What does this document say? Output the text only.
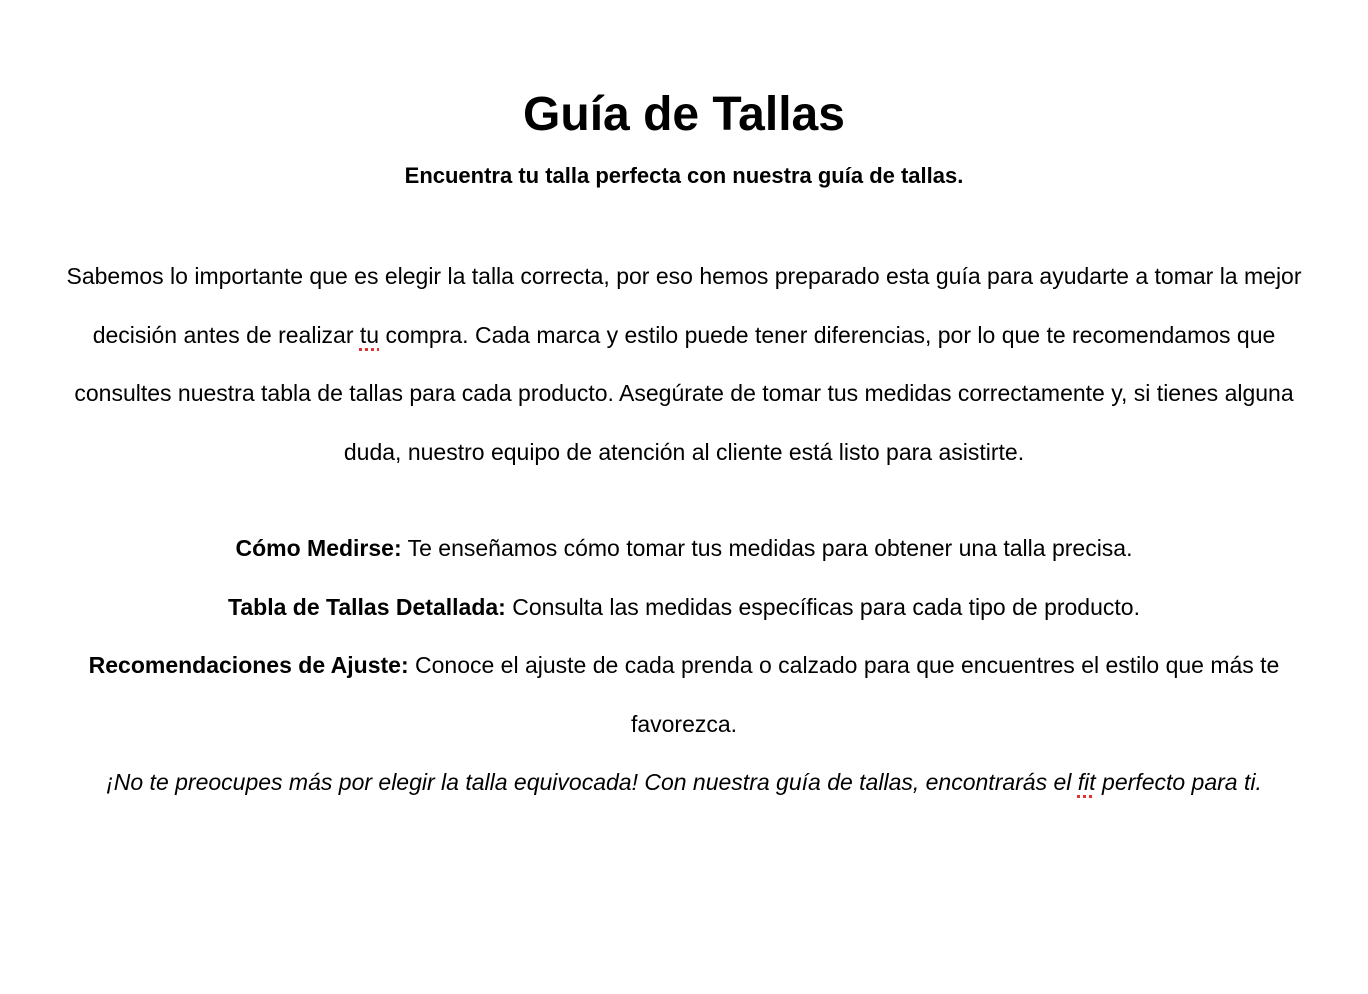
Guía de Tallas

Encuentra tu talla perfecta con nuestra guía de tallas.

Sabemos lo importante que es elegir la talla correcta, por eso hemos preparado esta guía para ayudarte a tomar la mejor decisión antes de realizar tu compra. Cada marca y estilo puede tener diferencias, por lo que te recomendamos que consultes nuestra tabla de tallas para cada producto. Asegúrate de tomar tus medidas correctamente y, si tienes alguna duda, nuestro equipo de atención al cliente está listo para asistirte.

Cómo Medirse: Te enseñamos cómo tomar tus medidas para obtener una talla precisa.

Tabla de Tallas Detallada: Consulta las medidas específicas para cada tipo de producto.

Recomendaciones de Ajuste: Conoce el ajuste de cada prenda o calzado para que encuentres el estilo que más te favorezca.

¡No te preocupes más por elegir la talla equivocada! Con nuestra guía de tallas, encontrarás el fit perfecto para ti.
